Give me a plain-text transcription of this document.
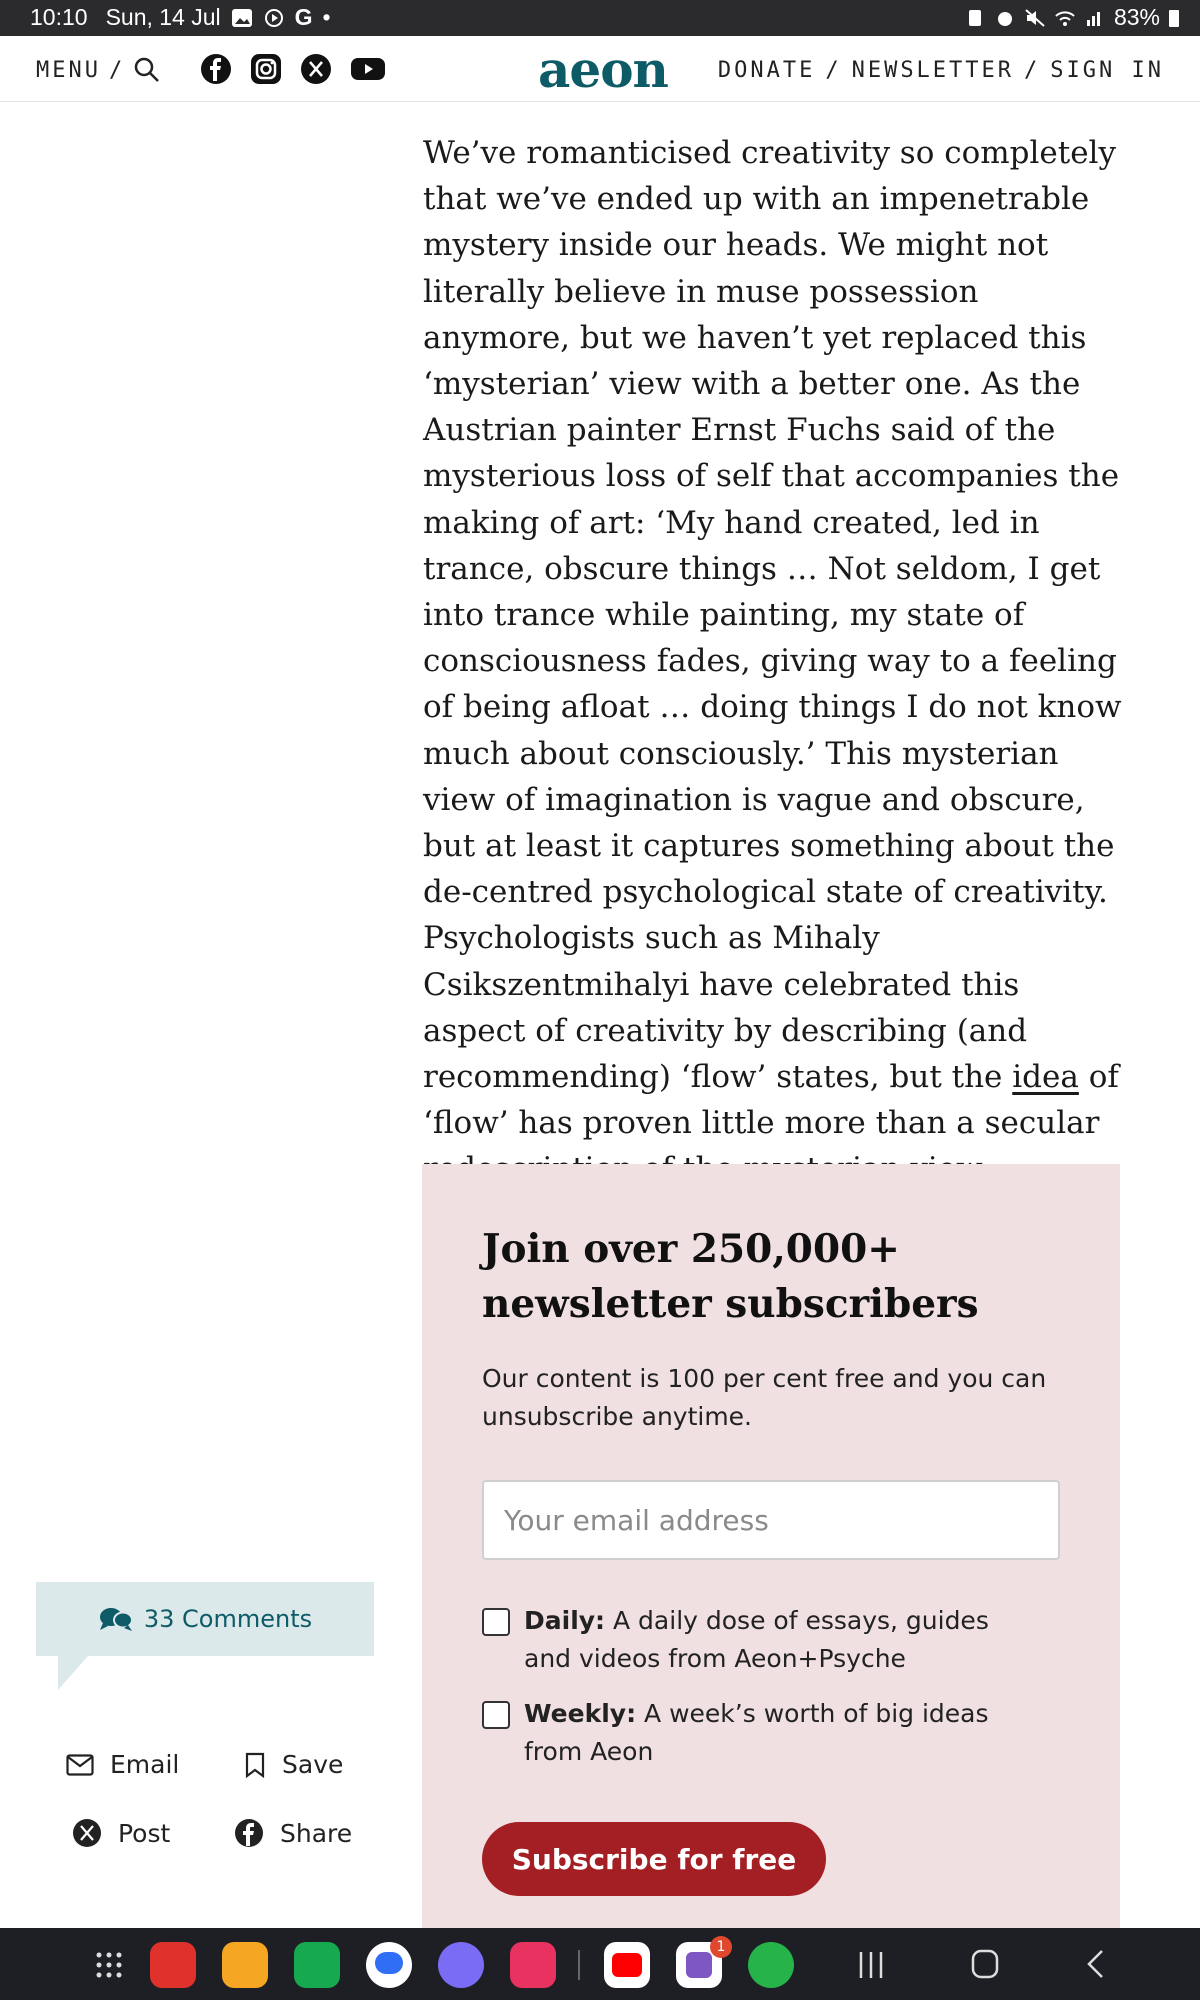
10:10 Sun, 14 Jul	G •	83%
MENU /	aeon DONATE / NEWSLETTER / SIGN IN
We’ve romanticised creativity so completely that we’ve ended up with an impenetrable mystery inside our heads. We might not literally believe in muse possession anymore, but we haven’t yet replaced this ‘mysterian’ view with a better one. As the Austrian painter Ernst Fuchs said of the mysterious loss of self that accompanies the making of art: ‘My hand created, led in trance, obscure things … Not seldom, I get into trance while painting, my state of consciousness fades, giving way to a feeling of being afloat … doing things I do not know much about consciously.’ This mysterian view of imagination is vague and obscure, but at least it captures something about the de-centred psychological state of creativity. Psychologists such as Mihaly Csikszentmihalyi have celebrated this aspect of creativity by describing (and recommending) ‘flow’ states, but the idea of ‘flow’ has proven little more than a secular
Join over 250,000+ newsletter subscribers
Our content is 100 per cent free and you can unsubscribe anytime.
Your email address
Daily: A daily dose of essays, guides and videos from Aeon+Psyche
Weekly: A week’s worth of big ideas from Aeon
Subscribe for free
33 Comments
Email	Save
Post	Share
1
